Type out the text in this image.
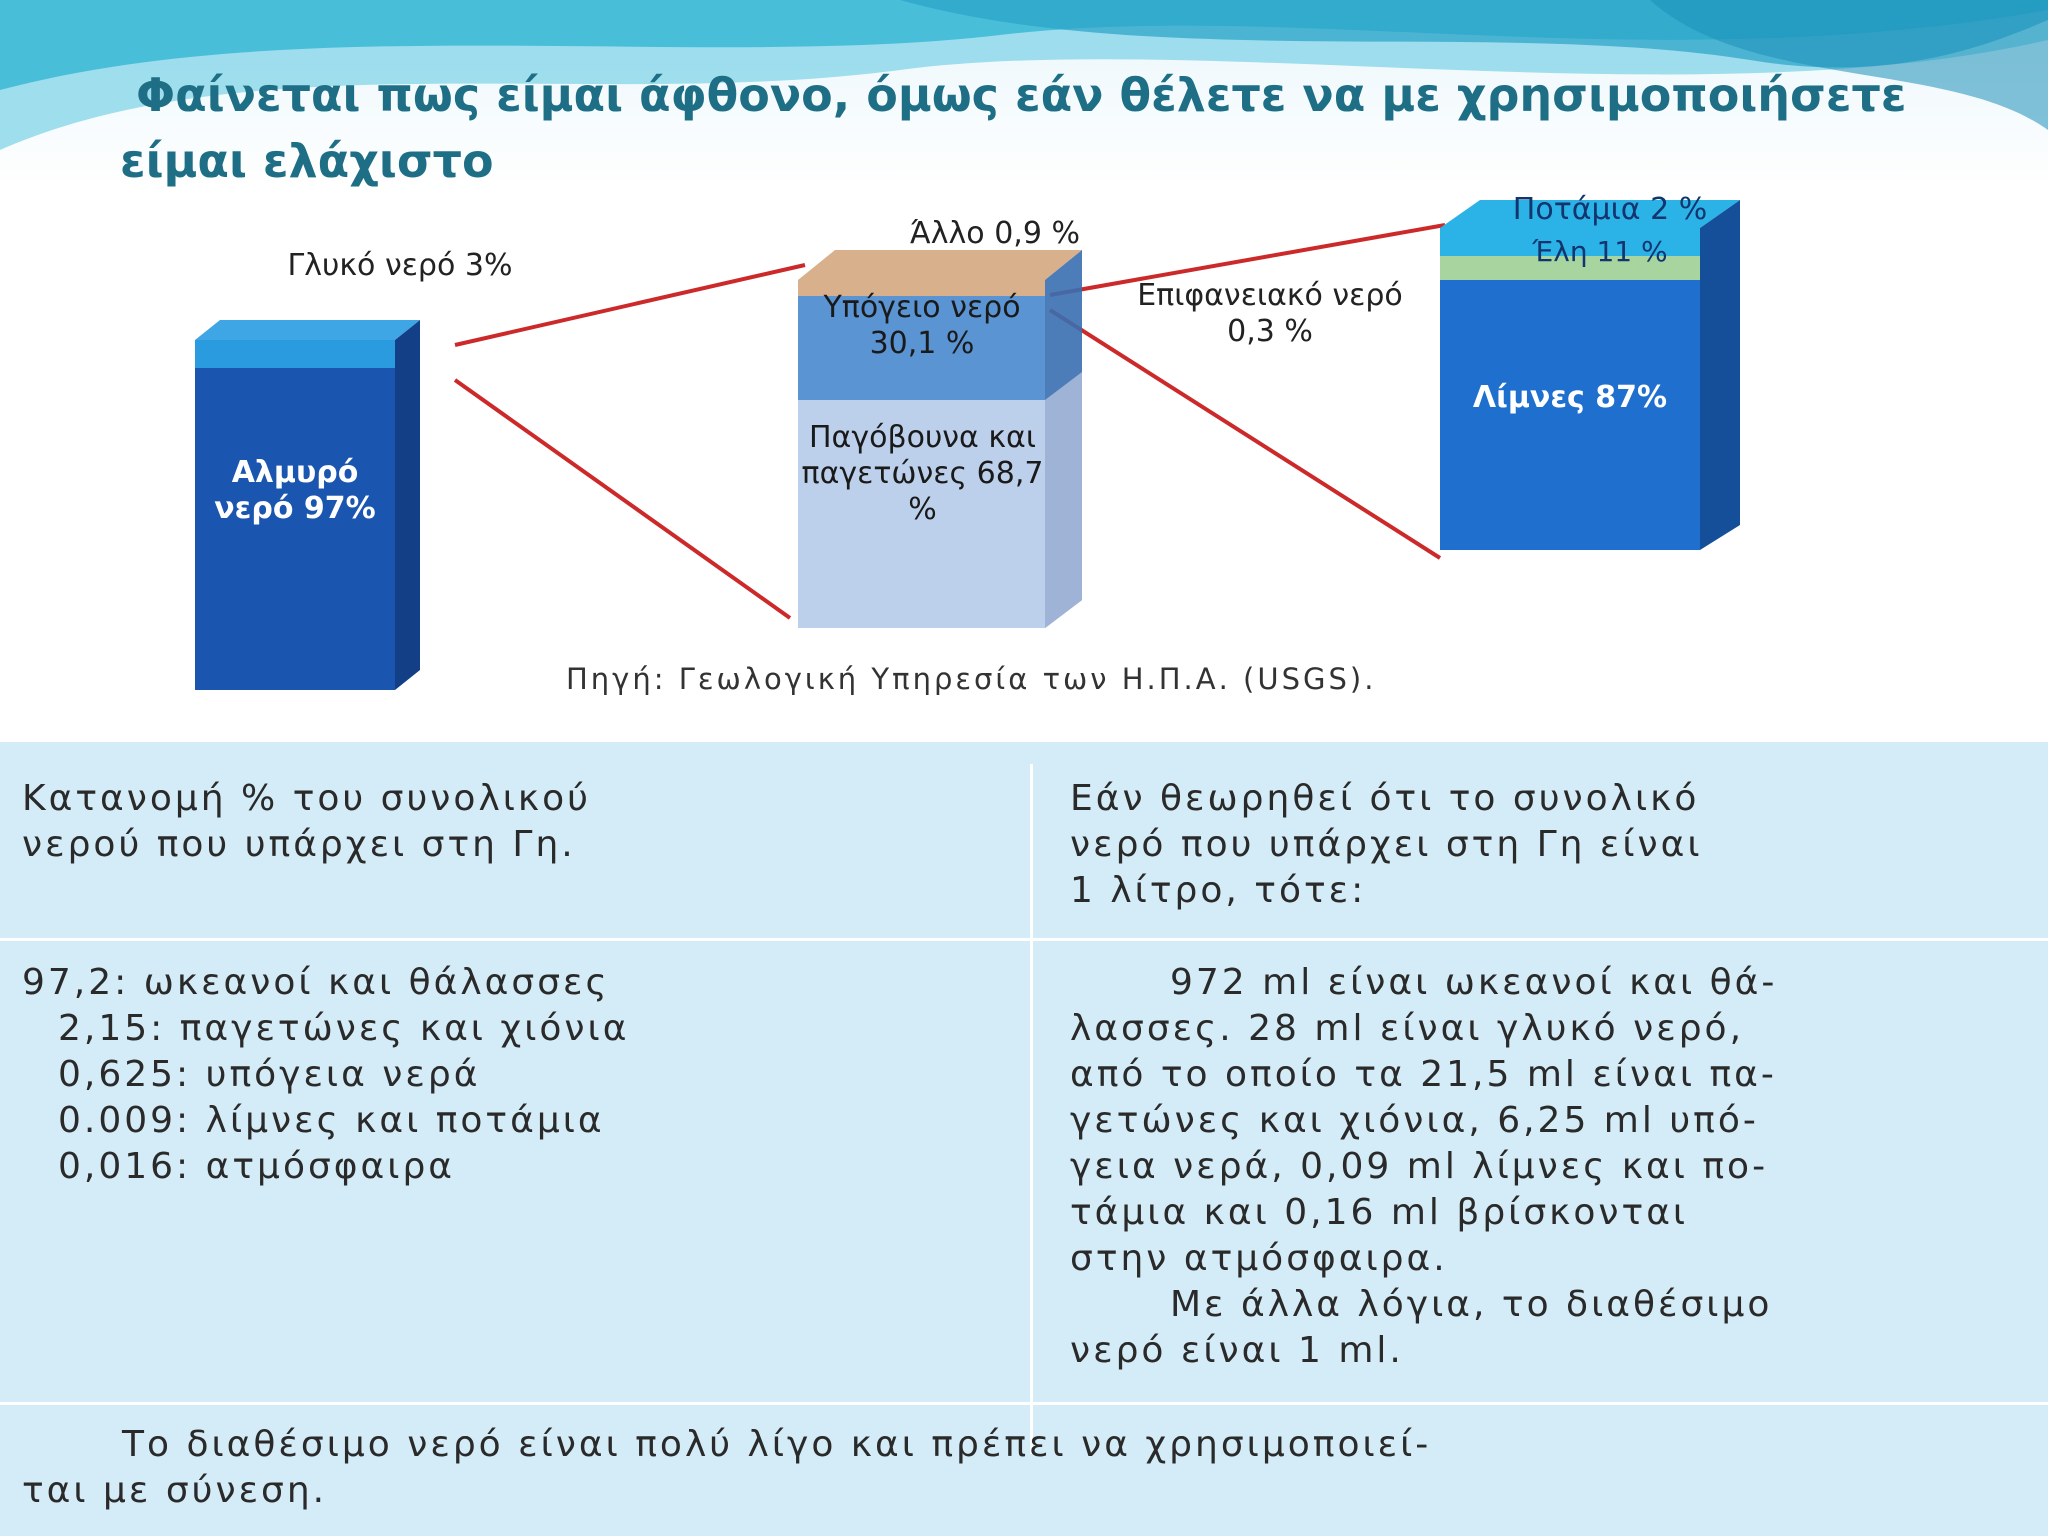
Φαίνεται πως είμαι άφθονο, όμως εάν θέλετε να με χρησιμοποιήσετε είμαι ελάχιστο

Γλυκό νερό 3%
Αλμυρό νερό 97%
Άλλο 0,9 %
Υπόγειο νερό 30,1 %
Παγόβουνα και παγετώνες 68,7 %
Επιφανειακό νερό 0,3 %
Ποτάμια 2 %
Έλη 11 %
Λίμνες 87%
Πηγή: Γεωλογική Υπηρεσία των Η.Π.Α. (USGS).
Κατανομή % του συνολικού
νερού που υπάρχει στη Γη.
Εάν θεωρηθεί ότι το συνολικό
νερό που υπάρχει στη Γη είναι
1 λίτρο, τότε:
97,2: ωκεανοί και θάλασσες
2,15: παγετώνες και χιόνια
0,625: υπόγεια νερά
0.009: λίμνες και ποτάμια
0,016: ατμόσφαιρα
972 ml είναι ωκεανοί και θά-
λασσες. 28 ml είναι γλυκό νερό,
από το οποίο τα 21,5 ml είναι πα-
γετώνες και χιόνια, 6,25 ml υπό-
γεια νερά, 0,09 ml λίμνες και πο-
τάμια και 0,16 ml βρίσκονται
στην ατμόσφαιρα.
Με άλλα λόγια, το διαθέσιμο
νερό είναι 1 ml.
Το διαθέσιμο νερό είναι πολύ λίγο και πρέπει να χρησιμοποιεί-
ται με σύνεση.
